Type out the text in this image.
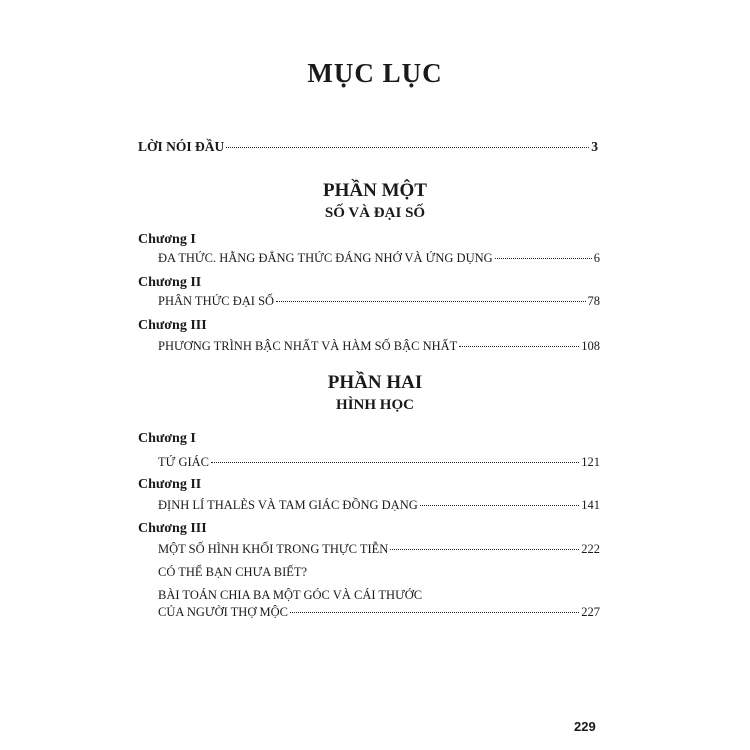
MỤC LỤC
LỜI NÓI ĐẦU	3
PHẦN MỘT
SỐ VÀ ĐẠI SỐ
Chương I
ĐA THỨC. HẰNG ĐẲNG THỨC ĐÁNG NHỚ VÀ ỨNG DỤNG	6
Chương II
PHÂN THỨC ĐẠI SỐ	78
Chương III
PHƯƠNG TRÌNH BẬC NHẤT VÀ HÀM SỐ BẬC NHẤT	108
PHẦN HAI
HÌNH HỌC
Chương I
TỨ GIÁC	121
Chương II
ĐỊNH LÍ THALÈS VÀ TAM GIÁC ĐỒNG DẠNG	141
Chương III
MỘT SỐ HÌNH KHỐI TRONG THỰC TIỄN	222
CÓ THỂ BẠN CHƯA BIẾT?
BÀI TOÁN CHIA BA MỘT GÓC VÀ CÁI THƯỚC
CỦA NGƯỜI THỢ MỘC	227
229
